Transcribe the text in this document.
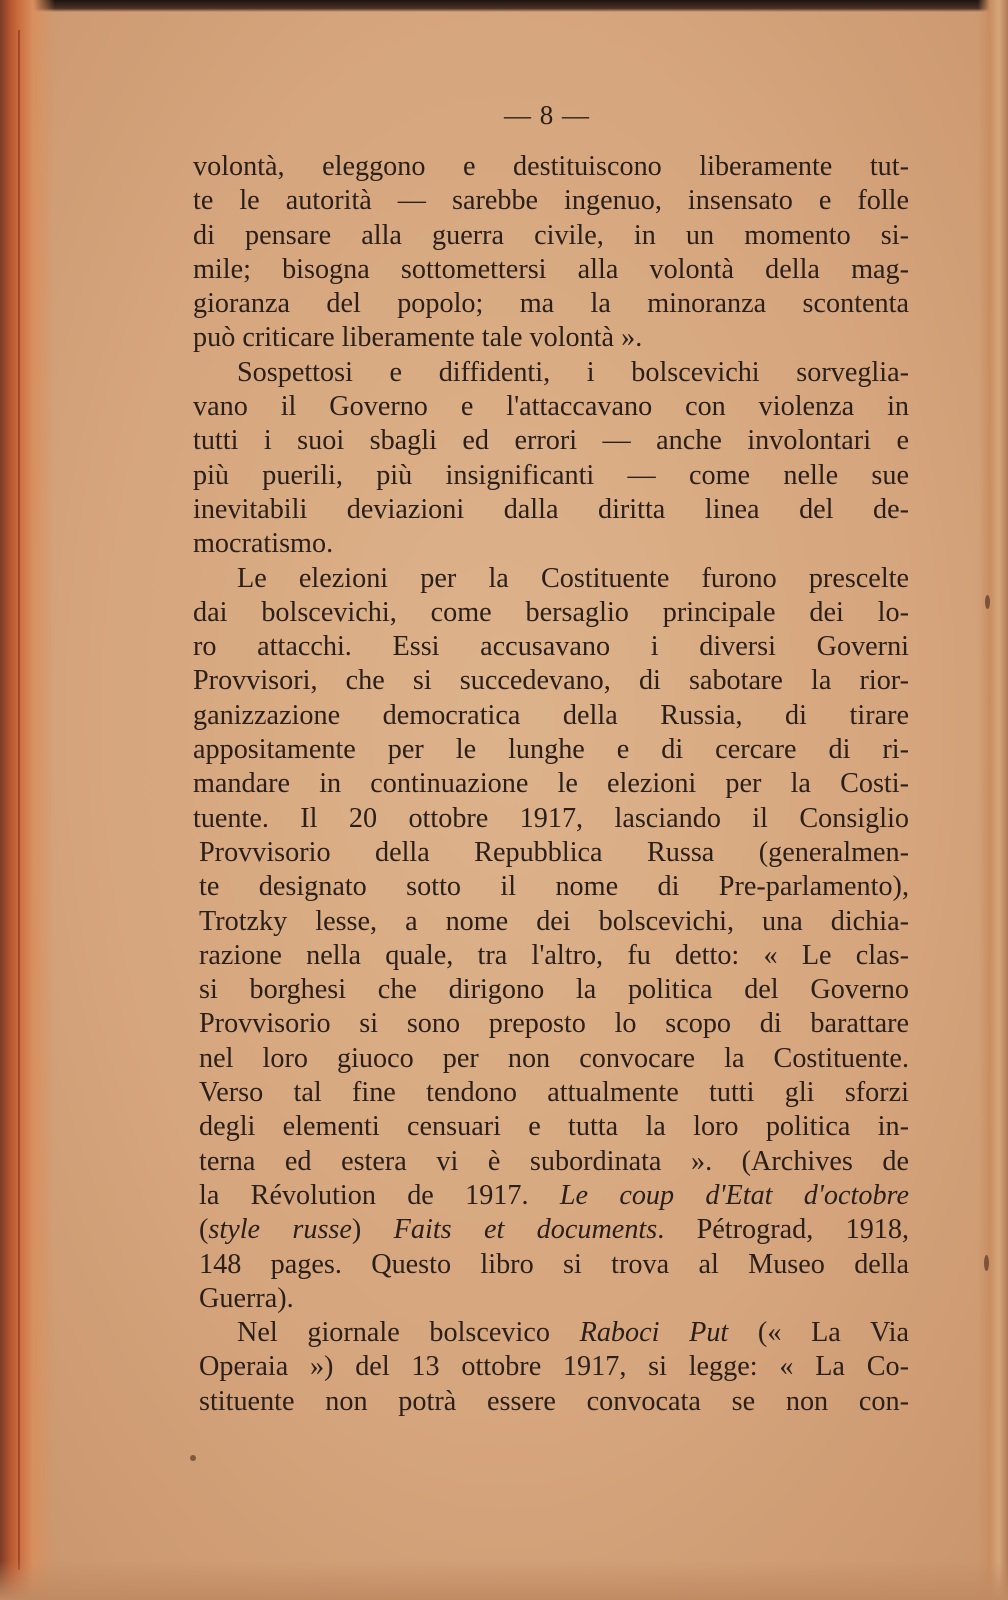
— 8 —
volontà, eleggono e destituiscono liberamente tut-
te le autorità — sarebbe ingenuo, insensato e folle
di pensare alla guerra civile, in un momento si-
mile; bisogna sottomettersi alla volontà della mag-
gioranza del popolo; ma la minoranza scontenta
può criticare liberamente tale volontà ».
Sospettosi e diffidenti, i bolscevichi sorveglia-
vano il Governo e l'attaccavano con violenza in
tutti i suoi sbagli ed errori — anche involontari e
più puerili, più insignificanti — come nelle sue
inevitabili deviazioni dalla diritta linea del de-
mocratismo.
Le elezioni per la Costituente furono prescelte
dai bolscevichi, come bersaglio principale dei lo-
ro attacchi. Essi accusavano i diversi Governi
Provvisori, che si succedevano, di sabotare la rior-
ganizzazione democratica della Russia, di tirare
appositamente per le lunghe e di cercare di ri-
mandare in continuazione le elezioni per la Costi-
tuente. Il 20 ottobre 1917, lasciando il Consiglio
Provvisorio della Repubblica Russa (generalmen-
te designato sotto il nome di Pre-parlamento),
Trotzky lesse, a nome dei bolscevichi, una dichia-
razione nella quale, tra l'altro, fu detto: « Le clas-
si borghesi che dirigono la politica del Governo
Provvisorio si sono preposto lo scopo di barattare
nel loro giuoco per non convocare la Costituente.
Verso tal fine tendono attualmente tutti gli sforzi
degli elementi censuari e tutta la loro politica in-
terna ed estera vi è subordinata ». (Archives de
la Révolution de 1917. Le coup d'Etat d'octobre
(style russe) Faits et documents. Pétrograd, 1918,
148 pages. Questo libro si trova al Museo della
Guerra).
Nel giornale bolscevico Raboci Put (« La Via
Operaia ») del 13 ottobre 1917, si legge: « La Co-
stituente non potrà essere convocata se non con-
